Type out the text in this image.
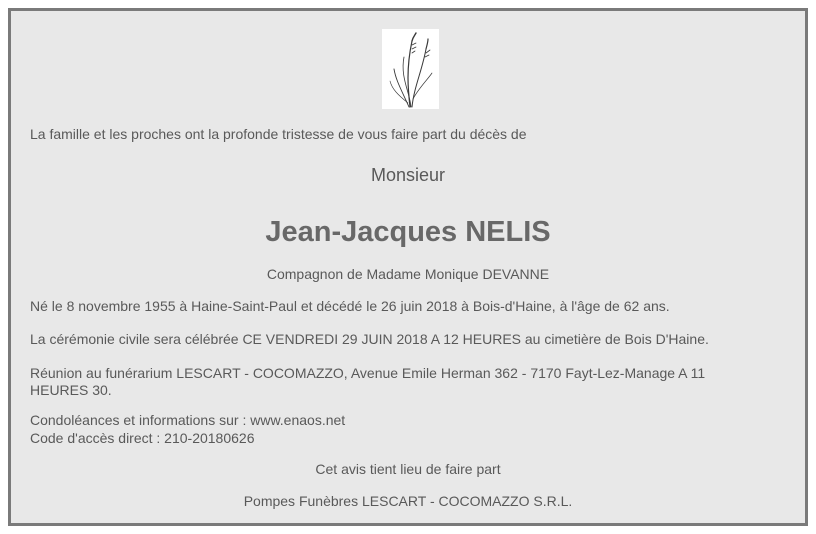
La famille et les proches ont la profonde tristesse de vous faire part du décès de
Monsieur
Jean-Jacques NELIS
Compagnon de Madame Monique DEVANNE
Né le 8 novembre 1955 à Haine-Saint-Paul et décédé le 26 juin 2018 à Bois-d'Haine, à l'âge de 62 ans.
La cérémonie civile sera célébrée CE VENDREDI 29 JUIN 2018 A 12 HEURES au cimetière de Bois D'Haine.
Réunion au funérarium LESCART - COCOMAZZO, Avenue Emile Herman 362 - 7170 Fayt-Lez-Manage A 11 HEURES 30.
Condoléances et informations sur : www.enaos.net
Code d'accès direct : 210-20180626
Cet avis tient lieu de faire part
Pompes Funèbres LESCART - COCOMAZZO S.R.L.
